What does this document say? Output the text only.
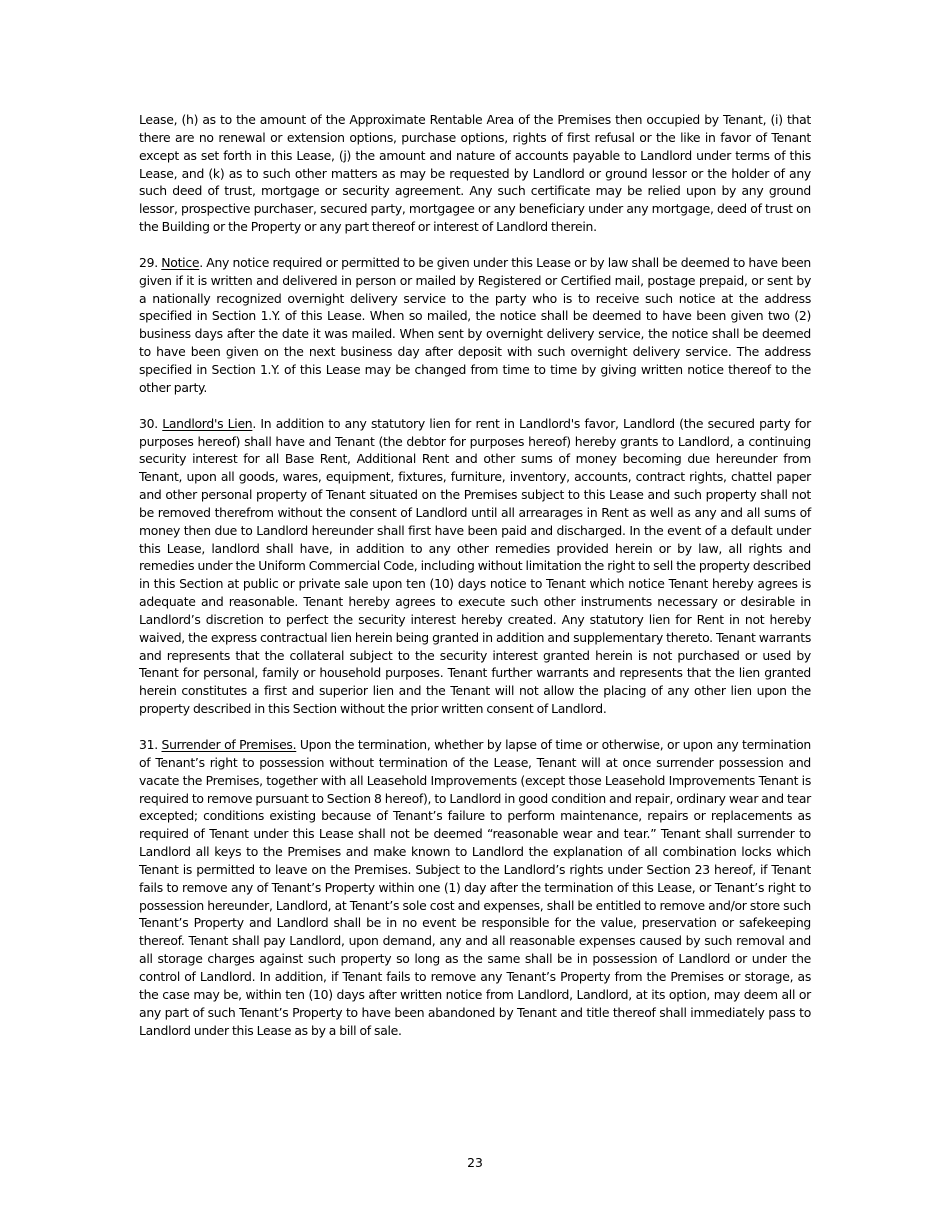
Lease, (h) as to the amount of the Approximate Rentable Area of the Premises then occupied by Tenant, (i) that there are no renewal or extension options, purchase options, rights of first refusal or the like in favor of Tenant except as set forth in this Lease, (j) the amount and nature of accounts payable to Landlord under terms of this Lease, and (k) as to such other matters as may be requested by Landlord or ground lessor or the holder of any such deed of trust, mortgage or security agreement. Any such certificate may be relied upon by any ground lessor, prospective purchaser, secured party, mortgagee or any beneficiary under any mortgage, deed of trust on the Building or the Property or any part thereof or interest of Landlord therein.

29. Notice. Any notice required or permitted to be given under this Lease or by law shall be deemed to have been given if it is written and delivered in person or mailed by Registered or Certified mail, postage prepaid, or sent by a nationally recognized overnight delivery service to the party who is to receive such notice at the address specified in Section 1.Y. of this Lease. When so mailed, the notice shall be deemed to have been given two (2) business days after the date it was mailed. When sent by overnight delivery service, the notice shall be deemed to have been given on the next business day after deposit with such overnight delivery service. The address specified in Section 1.Y. of this Lease may be changed from time to time by giving written notice thereof to the other party.

30. Landlord's Lien. In addition to any statutory lien for rent in Landlord's favor, Landlord (the secured party for purposes hereof) shall have and Tenant (the debtor for purposes hereof) hereby grants to Landlord, a continuing security interest for all Base Rent, Additional Rent and other sums of money becoming due hereunder from Tenant, upon all goods, wares, equipment, fixtures, furniture, inventory, accounts, contract rights, chattel paper and other personal property of Tenant situated on the Premises subject to this Lease and such property shall not be removed therefrom without the consent of Landlord until all arrearages in Rent as well as any and all sums of money then due to Landlord hereunder shall first have been paid and discharged. In the event of a default under this Lease, landlord shall have, in addition to any other remedies provided herein or by law, all rights and remedies under the Uniform Commercial Code, including without limitation the right to sell the property described in this Section at public or private sale upon ten (10) days notice to Tenant which notice Tenant hereby agrees is adequate and reasonable. Tenant hereby agrees to execute such other instruments necessary or desirable in Landlord’s discretion to perfect the security interest hereby created. Any statutory lien for Rent in not hereby waived, the express contractual lien herein being granted in addition and supplementary thereto. Tenant warrants and represents that the collateral subject to the security interest granted herein is not purchased or used by Tenant for personal, family or household purposes. Tenant further warrants and represents that the lien granted herein constitutes a first and superior lien and the Tenant will not allow the placing of any other lien upon the property described in this Section without the prior written consent of Landlord.

31. Surrender of Premises. Upon the termination, whether by lapse of time or otherwise, or upon any termination of Tenant’s right to possession without termination of the Lease, Tenant will at once surrender possession and vacate the Premises, together with all Leasehold Improvements (except those Leasehold Improvements Tenant is required to remove pursuant to Section 8 hereof), to Landlord in good condition and repair, ordinary wear and tear excepted; conditions existing because of Tenant’s failure to perform maintenance, repairs or replacements as required of Tenant under this Lease shall not be deemed “reasonable wear and tear.” Tenant shall surrender to Landlord all keys to the Premises and make known to Landlord the explanation of all combination locks which Tenant is permitted to leave on the Premises. Subject to the Landlord’s rights under Section 23 hereof, if Tenant fails to remove any of Tenant’s Property within one (1) day after the termination of this Lease, or Tenant’s right to possession hereunder, Landlord, at Tenant’s sole cost and expenses, shall be entitled to remove and/or store such Tenant’s Property and Landlord shall be in no event be responsible for the value, preservation or safekeeping thereof. Tenant shall pay Landlord, upon demand, any and all reasonable expenses caused by such removal and all storage charges against such property so long as the same shall be in possession of Landlord or under the control of Landlord. In addition, if Tenant fails to remove any Tenant’s Property from the Premises or storage, as the case may be, within ten (10) days after written notice from Landlord, Landlord, at its option, may deem all or any part of such Tenant’s Property to have been abandoned by Tenant and title thereof shall immediately pass to Landlord under this Lease as by a bill of sale.

23
